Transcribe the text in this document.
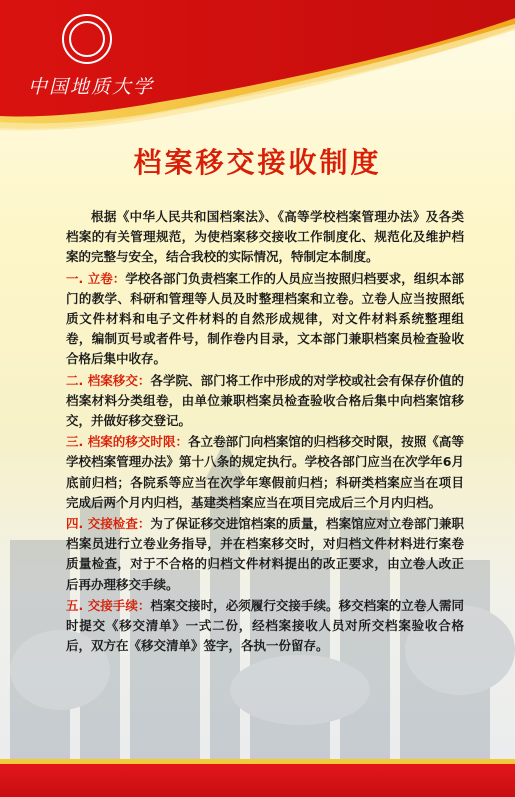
中国地质大学
档案移交接收制度

根据《中华人民共和国档案法》、《高等学校档案管理办法》及各类档案的有关管理规范，为使档案移交接收工作制度化、规范化及维护档案的完整与安全，结合我校的实际情况，特制定本制度。

一. 立卷：学校各部门负责档案工作的人员应当按照归档要求，组织本部门的教学、科研和管理等人员及时整理档案和立卷。立卷人应当按照纸质文件材料和电子文件材料的自然形成规律，对文件材料系统整理组卷，编制页号或者件号，制作卷内目录，文本部门兼职档案员检查验收合格后集中收存。

二. 档案移交：各学院、部门将工作中形成的对学校或社会有保存价值的档案材料分类组卷，由单位兼职档案员检查验收合格后集中向档案馆移交，并做好移交登记。

三. 档案的移交时限：各立卷部门向档案馆的归档移交时限，按照《高等学校档案管理办法》第十八条的规定执行。学校各部门应当在次学年6月底前归档；各院系等应当在次学年寒假前归档；科研类档案应当在项目完成后两个月内归档，基建类档案应当在项目完成后三个月内归档。

四. 交接检查：为了保证移交进馆档案的质量，档案馆应对立卷部门兼职档案员进行立卷业务指导，并在档案移交时，对归档文件材料进行案卷质量检查，对于不合格的归档文件材料提出的改正要求，由立卷人改正后再办理移交手续。

五. 交接手续：档案交接时，必须履行交接手续。移交档案的立卷人需同时提交《移交清单》一式二份，经档案接收人员对所交档案验收合格后，双方在《移交清单》签字，各执一份留存。
